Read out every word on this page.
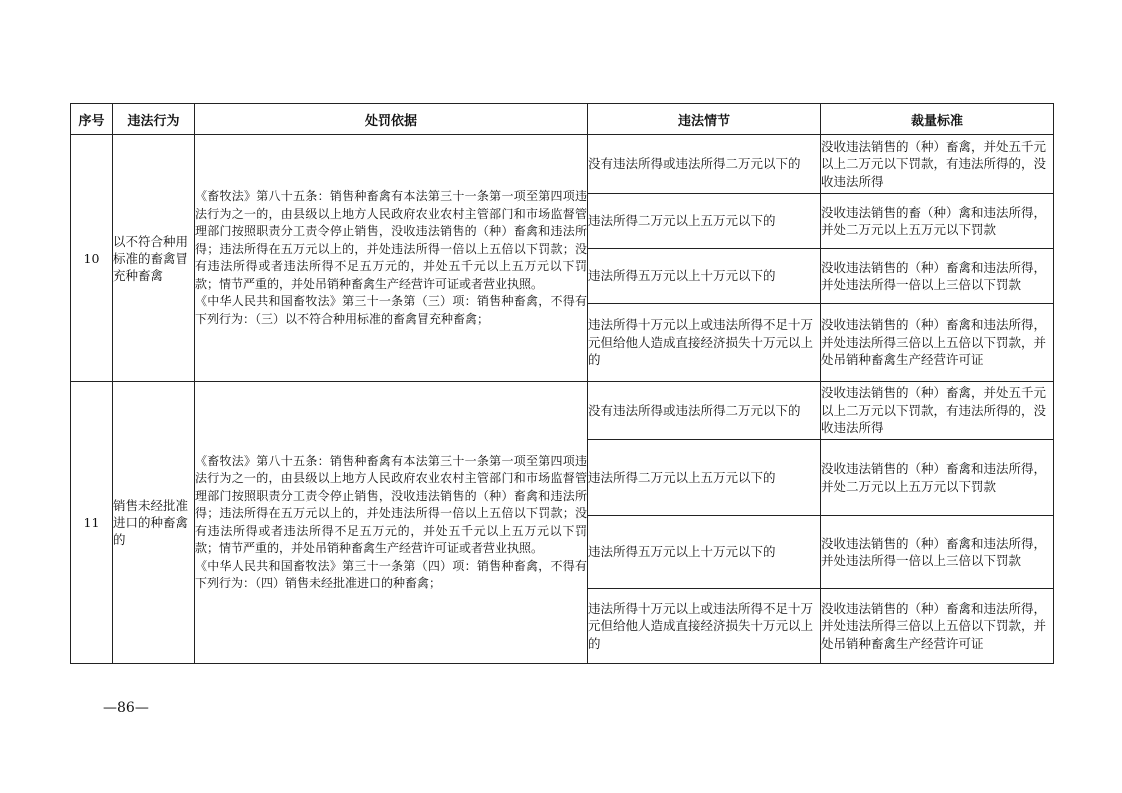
序号	违法行为	处罚依据	违法情节	裁量标准
10	以不符合种用标准的畜禽冒充种畜禽	《畜牧法》第八十五条：销售种畜禽有本法第三十一条第一项至第四项违法行为之一的，由县级以上地方人民政府农业农村主管部门和市场监督管理部门按照职责分工责令停止销售，没收违法销售的（种）畜禽和违法所得；违法所得在五万元以上的，并处违法所得一倍以上五倍以下罚款；没有违法所得或者违法所得不足五万元的，并处五千元以上五万元以下罚款；情节严重的，并处吊销种畜禽生产经营许可证或者营业执照。

《中华人民共和国畜牧法》第三十一条第（三）项：销售种畜禽，不得有下列行为：（三）以不符合种用标准的畜禽冒充种畜禽；	没有违法所得或违法所得二万元以下的	没收违法销售的（种）畜禽，并处五千元以上二万元以下罚款，有违法所得的，没收违法所得
			违法所得二万元以上五万元以下的	没收违法销售的畜（种）禽和违法所得，并处二万元以上五万元以下罚款
			违法所得五万元以上十万元以下的	没收违法销售的（种）畜禽和违法所得，并处违法所得一倍以上三倍以下罚款
			违法所得十万元以上或违法所得不足十万元但给他人造成直接经济损失十万元以上的	没收违法销售的（种）畜禽和违法所得，并处违法所得三倍以上五倍以下罚款，并处吊销种畜禽生产经营许可证
11	销售未经批准进口的种畜禽的	《畜牧法》第八十五条：销售种畜禽有本法第三十一条第一项至第四项违法行为之一的，由县级以上地方人民政府农业农村主管部门和市场监督管理部门按照职责分工责令停止销售，没收违法销售的（种）畜禽和违法所得；违法所得在五万元以上的，并处违法所得一倍以上五倍以下罚款；没有违法所得或者违法所得不足五万元的，并处五千元以上五万元以下罚款；情节严重的，并处吊销种畜禽生产经营许可证或者营业执照。

《中华人民共和国畜牧法》第三十一条第（四）项：销售种畜禽，不得有下列行为：（四）销售未经批准进口的种畜禽；	没有违法所得或违法所得二万元以下的	没收违法销售的（种）畜禽，并处五千元以上二万元以下罚款，有违法所得的，没收违法所得
			违法所得二万元以上五万元以下的	没收违法销售的（种）畜禽和违法所得，并处二万元以上五万元以下罚款
			违法所得五万元以上十万元以下的	没收违法销售的（种）畜禽和违法所得，并处违法所得一倍以上三倍以下罚款
			违法所得十万元以上或违法所得不足十万元但给他人造成直接经济损失十万元以上的	没收违法销售的（种）畜禽和违法所得，并处违法所得三倍以上五倍以下罚款，并处吊销种畜禽生产经营许可证
—86—
